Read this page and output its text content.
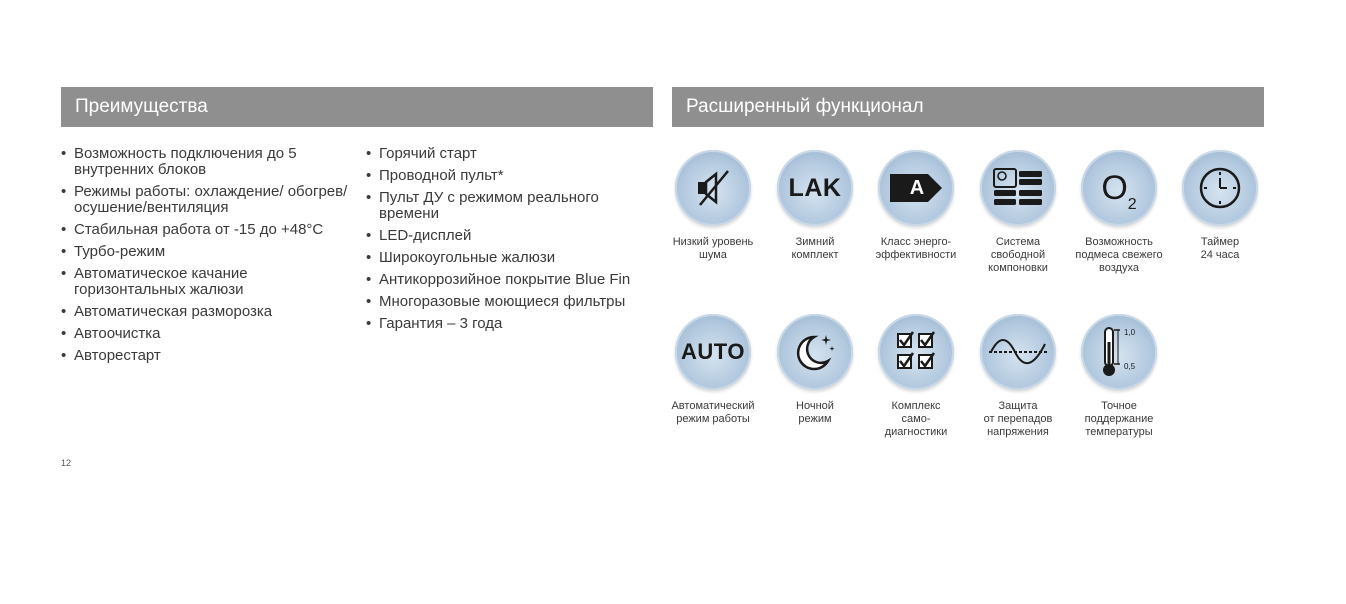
Преимущества	Расширенный функционал
• Возможность подключения до 5 внутренних блоков
• Режимы работы: охлаждение/ обогрев/осушение/вентиляция
• Стабильная работа от -15 до +48°С
• Турбо-режим
• Автоматическое качание горизонтальных жалюзи
• Автоматическая разморозка
• Автоочистка
• Авторестарт
• Горячий старт
• Проводной пульт*
• Пульт ДУ с режимом реального времени
• LED-дисплей
• Широкоугольные жалюзи
• Антикоррозийное покрытие Blue Fin
• Многоразовые моющиеся фильтры
• Гарантия – 3 года
Низкий уровень
шума
LAK
Зимний
комплект
A
Класс энерго-
эффективности
Система
свободной
компоновки
$O_2$
Возможность
подмеса свежего
воздуха
Таймер
24 часа
AUTO
Автоматический
режим работы
Ночной
режим
Комплекс
само-
диагностики
Защита
от перепадов
напряжения
1,0
0,5
Точное
поддержание
температуры
12
